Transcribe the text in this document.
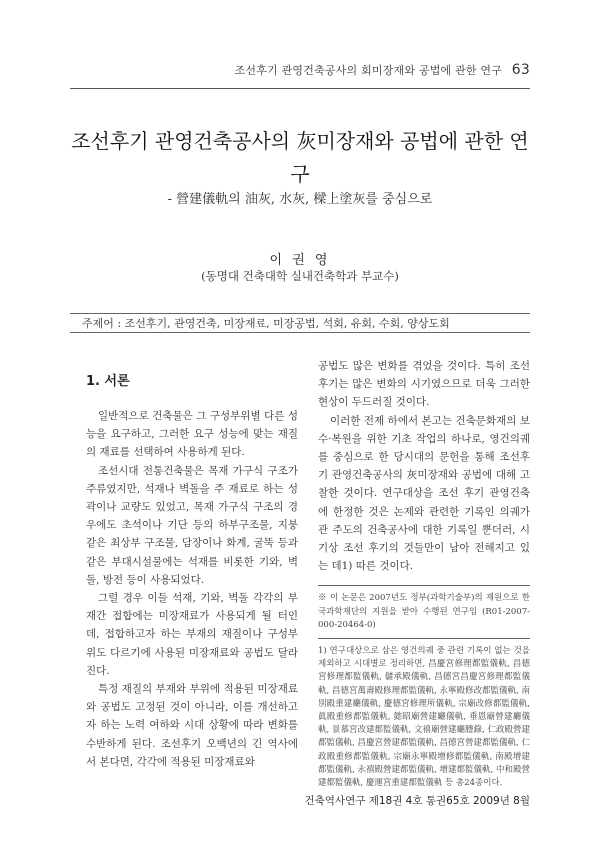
조선후기 관영건축공사의 회미장재와 공법에 관한 연구 63
조선후기 관영건축공사의 灰미장재와 공법에 관한 연구
- 營建儀軌의 油灰, 水灰, 樑上塗灰를 중심으로
이 권 영
(동명대 건축대학 실내건축학과 부교수)
주제어 : 조선후기, 관영건축, 미장재료, 미장공법, 석회, 유회, 수회, 양상도회
1. 서론

일반적으로 건축물은 그 구성부위별 다른 성능을 요구하고, 그러한 요구 성능에 맞는 재질의 재료를 선택하여 사용하게 된다.

조선시대 전통건축물은 목재 가구식 구조가 주류였지만, 석재나 벽돌을 주 재료로 하는 성곽이나 교량도 있었고, 목재 가구식 구조의 경우에도 초석이나 기단 등의 하부구조물, 지붕 같은 최상부 구조물, 담장이나 화계, 굴뚝 등과 같은 부대시설물에는 석재를 비롯한 기와, 벽돌, 방전 등이 사용되었다.

그럴 경우 이들 석재, 기와, 벽돌 각각의 부재간 접합에는 미장재료가 사용되게 될 터인데, 접합하고자 하는 부재의 재질이나 구성부위도 다르기에 사용된 미장재료와 공법도 달라진다.

특정 재질의 부재와 부위에 적용된 미장재료와 공법도 고정된 것이 아니라, 이를 개선하고자 하는 노력 여하와 시대 상황에 따라 변화를 수반하게 된다. 조선후기 오백년의 긴 역사에서 본다면, 각각에 적용된 미장재료와

공법도 많은 변화를 겪었을 것이다. 특히 조선 후기는 많은 변화의 시기였으므로 더욱 그러한 현상이 두드러질 것이다.

이러한 전제 하에서 본고는 건축문화재의 보수·복원을 위한 기초 작업의 하나로, 영건의궤를 중심으로 한 당시대의 문헌을 통해 조선후기 관영건축공사의 灰미장재와 공법에 대해 고찰한 것이다. 연구대상을 조선 후기 관영건축에 한정한 것은 논제와 관련한 기록인 의궤가 관 주도의 건축공사에 대한 기록일 뿐더러, 시기상 조선 후기의 것들만이 남아 전해지고 있는 데1) 따른 것이다.

※ 이 논문은 2007년도 정부(과학기술부)의 재원으로 한국과학재단의 지원을 받아 수행된 연구임 (R01-2007-000-20464-0)

1) 연구대상으로 삼은 영건의궤 중 관련 기록이 없는 것을 제외하고 시대별로 정리하면, 昌慶宮修理都監儀軌, 昌德宮修理都監儀軌, 儲承殿儀軌, 昌德宮昌慶宮修理都監儀軌, 昌德宮萬壽殿修理都監儀軌, 永寧殿修改都監儀軌, 南別殿重建廳儀軌, 慶德宮修理所儀軌, 宗廟改修都監儀軌, 眞殿重修都監儀軌, 懿昭廟營建廳儀軌, 垂恩廟營建廳儀軌, 景慕宮改建都監儀軌, 文禧廟營建廳謄錄, 仁政殿營建都監儀軌, 昌慶宮營建都監儀軌, 昌德宮營建都監儀軌, 仁政殿重修都監儀軌, 宗廟永寧殿增修都監儀軌, 南殿增建都監儀軌, 永禧殿營建都監儀軌, 增建都監儀軌, 中和殿營建都監儀軌, 慶運宮重建都監儀軌 등 총24종이다.

건축역사연구 제18권 4호 통권65호 2009년 8월
